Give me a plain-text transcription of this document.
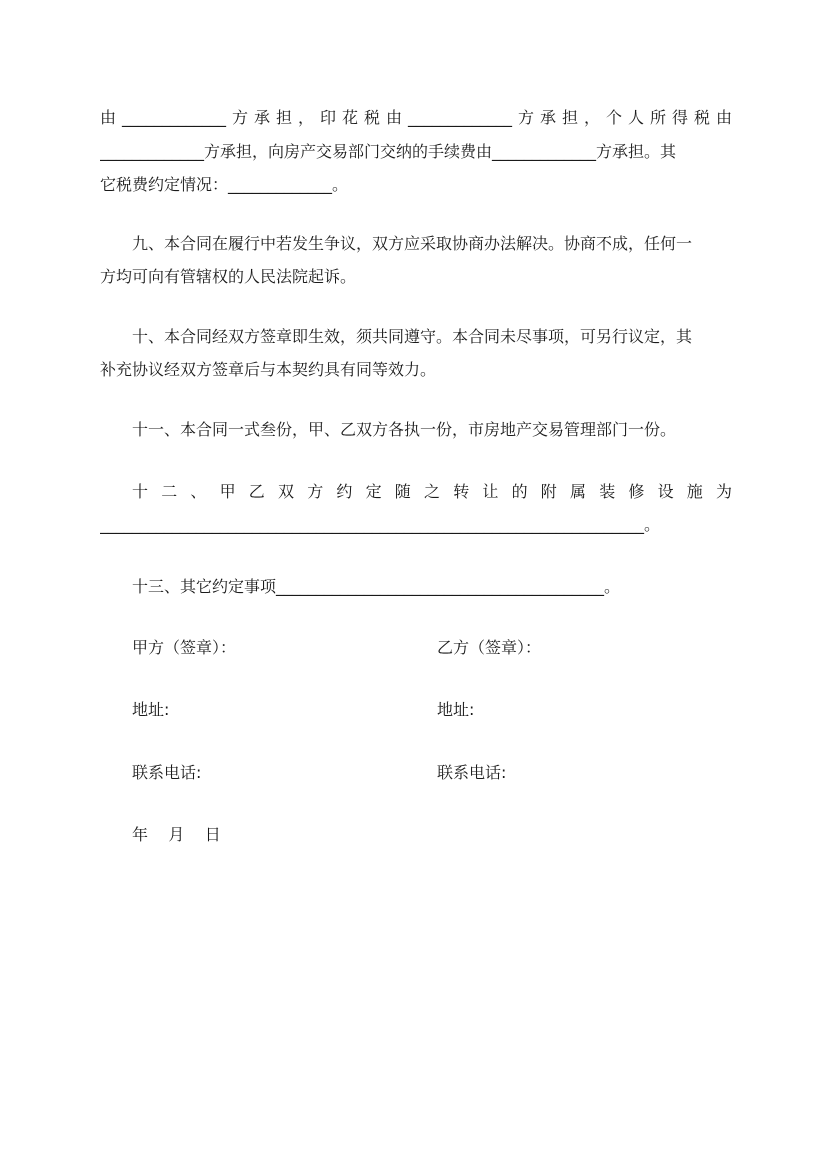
由_____________方承担，印花税由_____________方承担，个人所得税由
_____________方承担，向房产交易部门交纳的手续费由_____________方承担。其
它税费约定情况：_____________。
九、本合同在履行中若发生争议，双方应采取协商办法解决。协商不成，任何一
方均可向有管辖权的人民法院起诉。
十、本合同经双方签章即生效，须共同遵守。本合同未尽事项，可另行议定，其
补充协议经双方签章后与本契约具有同等效力。
十一、本合同一式叁份，甲、乙双方各执一份，市房地产交易管理部门一份。
十二、甲乙双方约定随之转让的附属装修设施为
____________________________________________________________________。
十三、其它约定事项_________________________________________。
甲方（签章）：	乙方（签章）：
地址:	地址:
联系电话:	联系电话:
年    月    日
